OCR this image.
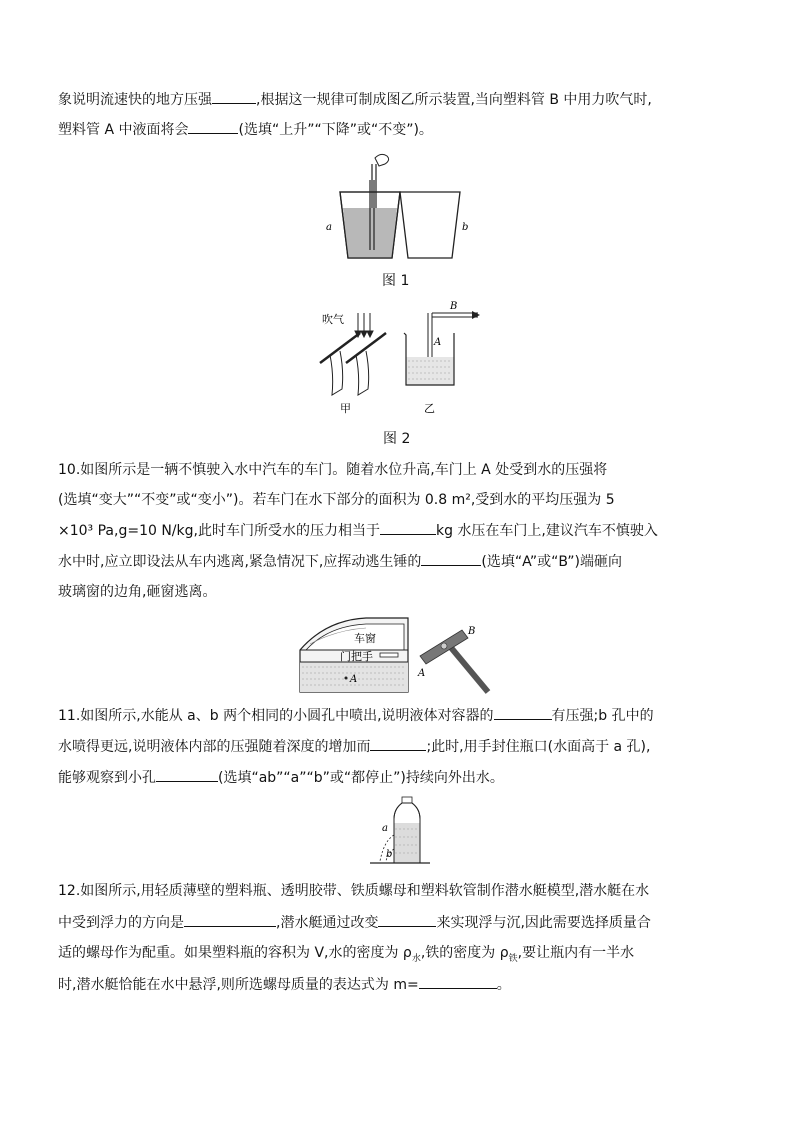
象说明流速快的地方压强	,根据这一规律可制成图乙所示装置,当向塑料管 B 中用力吹气时,
塑料管 A 中液面将会	(选填“上升”“下降”或“不变”)。
a	b
图 1
吹气
甲
B
A
乙
图 2
10.如图所示是一辆不慎驶入水中汽车的车门。随着水位升高,车门上 A 处受到水的压强将
(选填“变大”“不变”或“变小”)。若车门在水下部分的面积为 0.8 m²,受到水的平均压强为 5
×10³ Pa,g=10 N/kg,此时车门所受水的压力相当于	kg 水压在车门上,建议汽车不慎驶入
水中时,应立即设法从车内逃离,紧急情况下,应挥动逃生锤的	(选填“A”或“B”)端砸向
玻璃窗的边角,砸窗逃离。
车窗
门把手
A
A
B
11.如图所示,水能从 a、b 两个相同的小圆孔中喷出,说明液体对容器的	有压强;b 孔中的
水喷得更远,说明液体内部的压强随着深度的增加而	;此时,用手封住瓶口(水面高于 a 孔),
能够观察到小孔	(选填“ab”“a”“b”或“都停止”)持续向外出水。
a
b
12.如图所示,用轻质薄壁的塑料瓶、透明胶带、铁质螺母和塑料软管制作潜水艇模型,潜水艇在水
中受到浮力的方向是	,潜水艇通过改变	来实现浮与沉,因此需要选择质量合
适的螺母作为配重。如果塑料瓶的容积为 V,水的密度为 $\rho_水$,铁的密度为 $\rho_铁$,要让瓶内有一半水
时,潜水艇恰能在水中悬浮,则所选螺母质量的表达式为 m=	。
